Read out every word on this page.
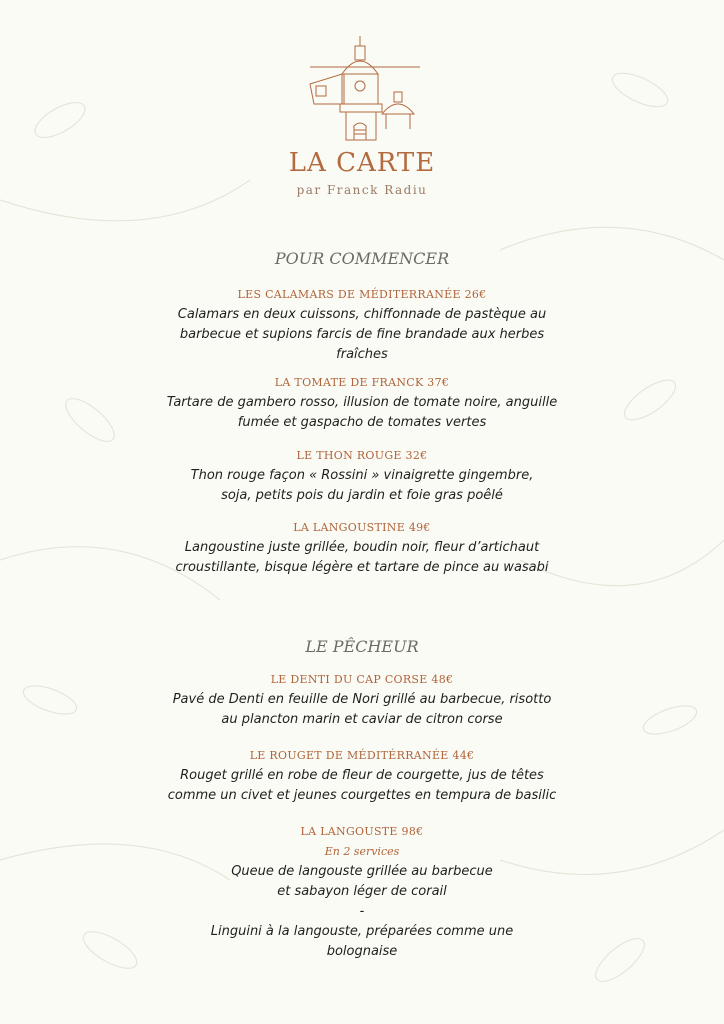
LA CARTE
par Franck Radiu
POUR COMMENCER
LES CALAMARS DE MÉDITERRANÉE 26€
Calamars en deux cuissons, chiffonnade de pastèque au
barbecue et supions farcis de fine brandade aux herbes
fraîches
LA TOMATE DE FRANCK 37€
Tartare de gambero rosso, illusion de tomate noire, anguille
fumée et gaspacho de tomates vertes
LE THON ROUGE 32€
Thon rouge façon « Rossini » vinaigrette gingembre,
soja, petits pois du jardin et foie gras poêlé
LA LANGOUSTINE 49€
Langoustine juste grillée, boudin noir, fleur d’artichaut
croustillante, bisque légère et tartare de pince au wasabi
LE PÊCHEUR
LE DENTI DU CAP CORSE 48€
Pavé de Denti en feuille de Nori grillé au barbecue, risotto
au plancton marin et caviar de citron corse
LE ROUGET DE MÉDITÉRRANÉE 44€
Rouget grillé en robe de fleur de courgette, jus de têtes
comme un civet et jeunes courgettes en tempura de basilic
LA LANGOUSTE 98€
En 2 services
Queue de langouste grillée au barbecue
et sabayon léger de corail
-
Linguini à la langouste, préparées comme une
bolognaise
